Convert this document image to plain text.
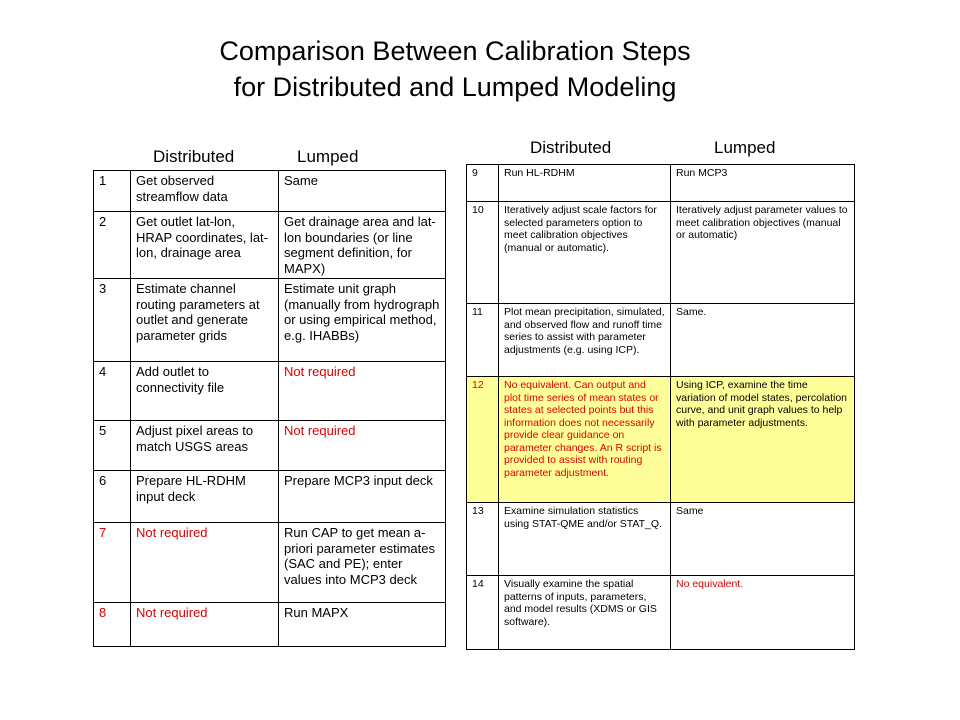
Comparison Between Calibration Steps
for Distributed and Lumped Modeling
Distributed	Lumped	Distributed	Lumped
1	Get observed streamflow data	Same
2	Get outlet lat-lon, HRAP coordinates, lat-lon, drainage area	Get drainage area and lat-lon boundaries (or line segment definition, for MAPX)
3	Estimate channel routing parameters at outlet and generate parameter grids	Estimate unit graph (manually from hydrograph or using empirical method, e.g. IHABBs)
4	Add outlet to connectivity file	Not required
5	Adjust pixel areas to match USGS areas	Not required
6	Prepare HL-RDHM input deck	Prepare MCP3 input deck
7	Not required	Run CAP to get mean a-priori parameter estimates (SAC and PE); enter values into MCP3 deck
8	Not required	Run MAPX
9	Run HL-RDHM	Run MCP3
10	Iteratively adjust scale factors for selected parameters option to meet calibration objectives (manual or automatic).	Iteratively adjust parameter values to meet calibration objectives (manual or automatic)
11	Plot mean precipitation, simulated, and observed flow and runoff time series to assist with parameter adjustments (e.g. using ICP).	Same.
12	No equivalent. Can output and plot time series of mean states or states at selected points but this information does not necessarily provide clear guidance on parameter changes. An R script is provided to assist with routing parameter adjustment.	Using ICP, examine the time variation of model states, percolation curve, and unit graph values to help with parameter adjustments.
13	Examine simulation statistics using STAT-QME and/or STAT_Q.	Same
14	Visually examine the spatial patterns of inputs, parameters, and model results (XDMS or GIS software).	No equivalent.
